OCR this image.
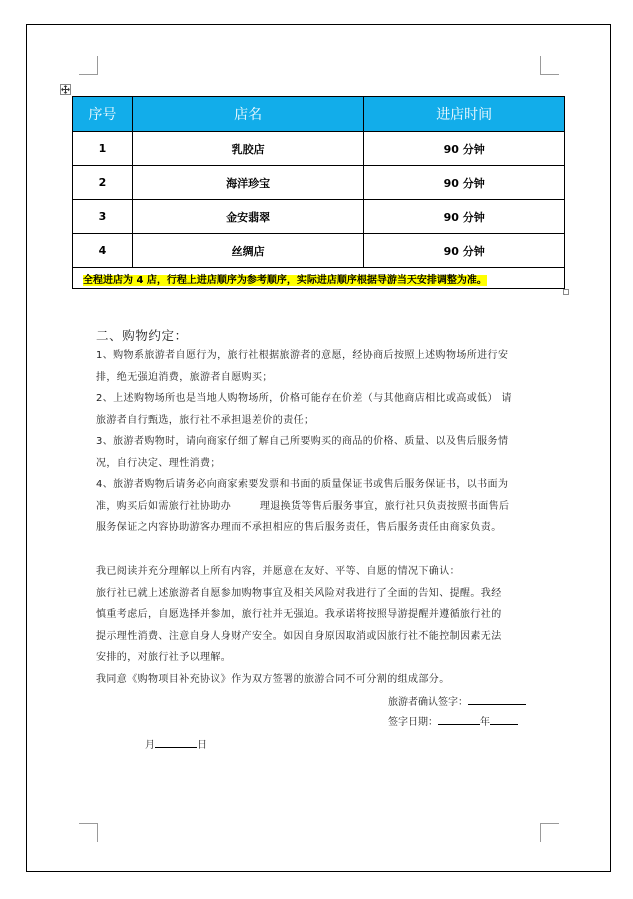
序号	店名	进店时间
1	乳胶店	90 分钟
2	海洋珍宝	90 分钟
3	金安翡翠	90 分钟
4	丝绸店	90 分钟
全程进店为 4 店，行程上进店顺序为参考顺序，实际进店顺序根据导游当天安排调整为准。		
二、购物约定：
1、购物系旅游者自愿行为，旅行社根据旅游者的意愿，经协商后按照上述购物场所进行安
排，绝无强迫消费，旅游者自愿购买；
2、上述购物场所也是当地人购物场所，价格可能存在价差（与其他商店相比或高或低） 请
旅游者自行甄选，旅行社不承担退差价的责任；
3、旅游者购物时，请向商家仔细了解自己所要购买的商品的价格、质量、以及售后服务情
况，自行决定、理性消费；
4、旅游者购物后请务必向商家索要发票和书面的质量保证书或售后服务保证书，以书面为
准，购买后如需旅行社协助办        理退换货等售后服务事宜，旅行社只负责按照书面售后
服务保证之内容协助游客办理而不承担相应的售后服务责任，售后服务责任由商家负责。
我已阅读并充分理解以上所有内容，并愿意在友好、平等、自愿的情况下确认：
旅行社已就上述旅游者自愿参加购物事宜及相关风险对我进行了全面的告知、提醒。我经
慎重考虑后，自愿选择并参加，旅行社并无强迫。我承诺将按照导游提醒并遵循旅行社的
提示理性消费、注意自身人身财产安全。如因自身原因取消或因旅行社不能控制因素无法
安排的，对旅行社予以理解。
我同意《购物项目补充协议》作为双方签署的旅游合同不可分割的组成部分。
旅游者确认签字：
签字日期：	年
月	日
